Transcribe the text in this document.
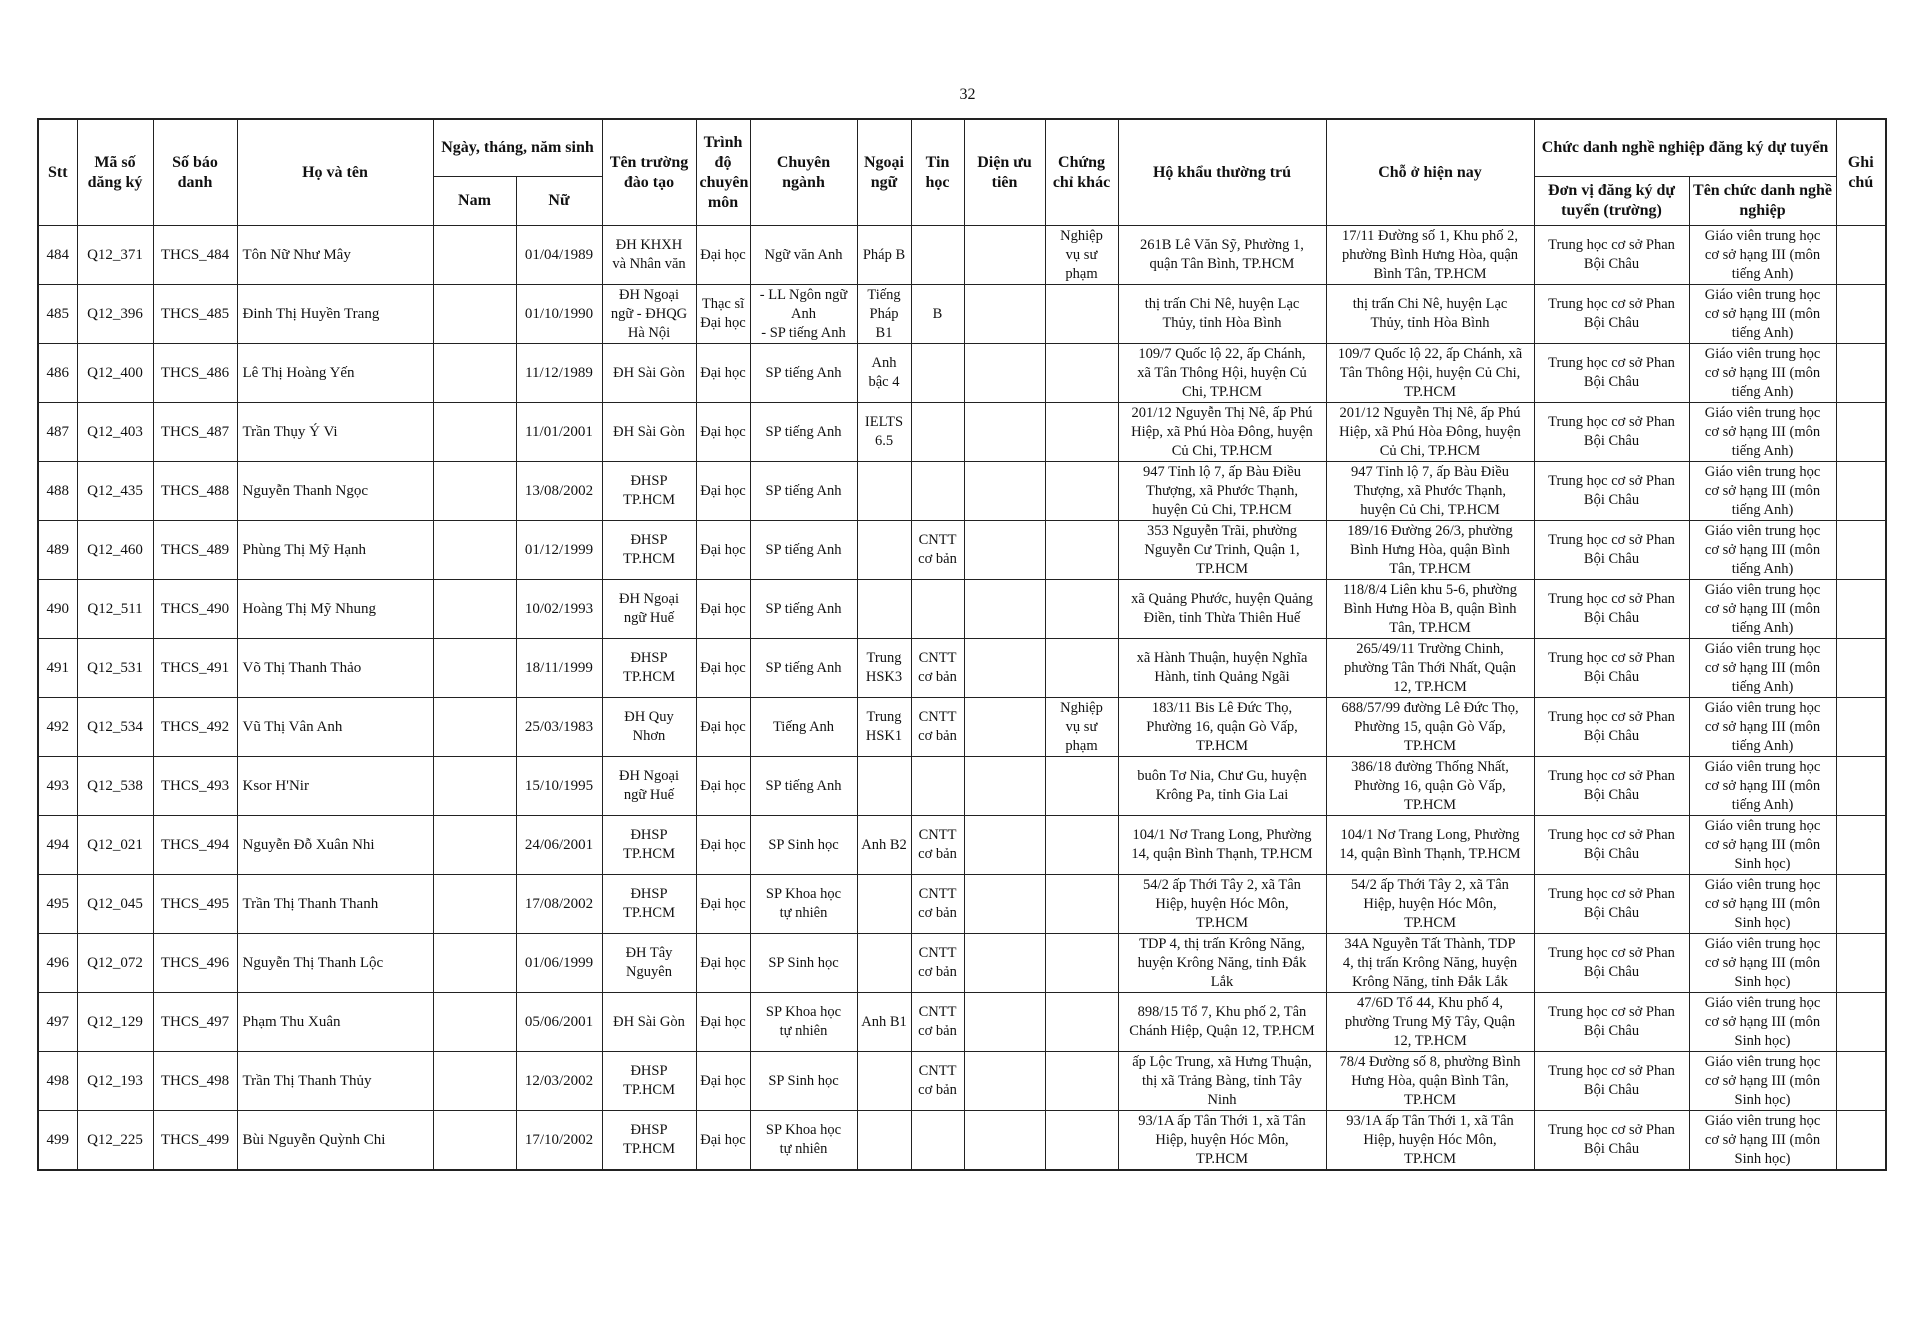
32
Stt	Mã số dăng ký	Số báo danh	Họ và tên	Ngày, tháng, năm sinh		Tên trường đào tạo	Trình độ chuyên môn	Chuyên ngành	Ngoại ngữ	Tin học	Diện ưu tiên	Chứng chỉ khác	Hộ khẩu thường trú	Chỗ ở hiện nay	Chức danh nghề nghiệp đăng ký dự tuyển		Ghi chú
				Nam	Nữ										Đơn vị đăng ký dự tuyển (trường)	Tên chức danh nghề nghiệp	
484	Q12_371	THCS_484	Tôn Nữ Như Mây		01/04/1989	ĐH KHXH
và Nhân văn	Đại học	Ngữ văn Anh	Pháp B			Nghiệp
vụ sư
phạm	261B Lê Văn Sỹ, Phường 1,
quận Tân Bình, TP.HCM	17/11 Đường số 1, Khu phố 2,
phường Bình Hưng Hòa, quận
Bình Tân, TP.HCM	Trung học cơ sở Phan
Bội Châu	Giáo viên trung học
cơ sở hạng III (môn
tiếng Anh)	
485	Q12_396	THCS_485	Đinh Thị Huyền Trang		01/10/1990	ĐH Ngoại
ngữ - ĐHQG
Hà Nội	Thạc sĩ
Đại học	- LL Ngôn ngữ
Anh
- SP tiếng Anh	Tiếng
Pháp
B1	B			thị trấn Chi Nê, huyện Lạc
Thủy, tỉnh Hòa Bình	thị trấn Chi Nê, huyện Lạc
Thủy, tỉnh Hòa Bình	Trung học cơ sở Phan
Bội Châu	Giáo viên trung học
cơ sở hạng III (môn
tiếng Anh)	
486	Q12_400	THCS_486	Lê Thị Hoàng Yến		11/12/1989	ĐH Sài Gòn	Đại học	SP tiếng Anh	Anh
bậc 4				109/7 Quốc lộ 22, ấp Chánh,
xã Tân Thông Hội, huyện Củ
Chi, TP.HCM	109/7 Quốc lộ 22, ấp Chánh, xã
Tân Thông Hội, huyện Củ Chi,
TP.HCM	Trung học cơ sở Phan
Bội Châu	Giáo viên trung học
cơ sở hạng III (môn
tiếng Anh)	
487	Q12_403	THCS_487	Trần Thụy Ý Vi		11/01/2001	ĐH Sài Gòn	Đại học	SP tiếng Anh	IELTS
6.5				201/12 Nguyễn Thị Nê, ấp Phú
Hiệp, xã Phú Hòa Đông, huyện
Củ Chi, TP.HCM	201/12 Nguyễn Thị Nê, ấp Phú
Hiệp, xã Phú Hòa Đông, huyện
Củ Chi, TP.HCM	Trung học cơ sở Phan
Bội Châu	Giáo viên trung học
cơ sở hạng III (môn
tiếng Anh)	
488	Q12_435	THCS_488	Nguyễn Thanh Ngọc		13/08/2002	ĐHSP
TP.HCM	Đại học	SP tiếng Anh					947 Tỉnh lộ 7, ấp Bàu Điều
Thượng, xã Phước Thạnh,
huyện Củ Chi, TP.HCM	947 Tỉnh lộ 7, ấp Bàu Điều
Thượng, xã Phước Thạnh,
huyện Củ Chi, TP.HCM	Trung học cơ sở Phan
Bội Châu	Giáo viên trung học
cơ sở hạng III (môn
tiếng Anh)	
489	Q12_460	THCS_489	Phùng Thị Mỹ Hạnh		01/12/1999	ĐHSP
TP.HCM	Đại học	SP tiếng Anh		CNTT
cơ bản			353 Nguyễn Trãi, phường
Nguyễn Cư Trinh, Quận 1,
TP.HCM	189/16 Đường 26/3, phường
Bình Hưng Hòa, quận Bình
Tân, TP.HCM	Trung học cơ sở Phan
Bội Châu	Giáo viên trung học
cơ sở hạng III (môn
tiếng Anh)	
490	Q12_511	THCS_490	Hoàng Thị Mỹ Nhung		10/02/1993	ĐH Ngoại
ngữ Huế	Đại học	SP tiếng Anh					xã Quảng Phước, huyện Quảng
Điền, tỉnh Thừa Thiên Huế	118/8/4 Liên khu 5-6, phường
Bình Hưng Hòa B, quận Bình
Tân, TP.HCM	Trung học cơ sở Phan
Bội Châu	Giáo viên trung học
cơ sở hạng III (môn
tiếng Anh)	
491	Q12_531	THCS_491	Võ Thị Thanh Thảo		18/11/1999	ĐHSP
TP.HCM	Đại học	SP tiếng Anh	Trung
HSK3	CNTT
cơ bản			xã Hành Thuận, huyện Nghĩa
Hành, tỉnh Quảng Ngãi	265/49/11 Trường Chinh,
phường Tân Thới Nhất, Quận
12, TP.HCM	Trung học cơ sở Phan
Bội Châu	Giáo viên trung học
cơ sở hạng III (môn
tiếng Anh)	
492	Q12_534	THCS_492	Vũ Thị Vân Anh		25/03/1983	ĐH Quy
Nhơn	Đại học	Tiếng Anh	Trung
HSK1	CNTT
cơ bản		Nghiệp
vụ sư
phạm	183/11 Bis Lê Đức Thọ,
Phường 16, quận Gò Vấp,
TP.HCM	688/57/99 đường Lê Đức Thọ,
Phường 15, quận Gò Vấp,
TP.HCM	Trung học cơ sở Phan
Bội Châu	Giáo viên trung học
cơ sở hạng III (môn
tiếng Anh)	
493	Q12_538	THCS_493	Ksor H'Nir		15/10/1995	ĐH Ngoại
ngữ Huế	Đại học	SP tiếng Anh					buôn Tơ Nia, Chư Gu, huyện
Krông Pa, tỉnh Gia Lai	386/18 đường Thống Nhất,
Phường 16, quận Gò Vấp,
TP.HCM	Trung học cơ sở Phan
Bội Châu	Giáo viên trung học
cơ sở hạng III (môn
tiếng Anh)	
494	Q12_021	THCS_494	Nguyễn Đỗ Xuân Nhi		24/06/2001	ĐHSP
TP.HCM	Đại học	SP Sinh học	Anh B2	CNTT
cơ bản			104/1 Nơ Trang Long, Phường
14, quận Bình Thạnh, TP.HCM	104/1 Nơ Trang Long, Phường
14, quận Bình Thạnh, TP.HCM	Trung học cơ sở Phan
Bội Châu	Giáo viên trung học
cơ sở hạng III (môn
Sinh học)	
495	Q12_045	THCS_495	Trần Thị Thanh Thanh		17/08/2002	ĐHSP
TP.HCM	Đại học	SP Khoa học
tự nhiên		CNTT
cơ bản			54/2 ấp Thới Tây 2, xã Tân
Hiệp, huyện Hóc Môn,
TP.HCM	54/2 ấp Thới Tây 2, xã Tân
Hiệp, huyện Hóc Môn,
TP.HCM	Trung học cơ sở Phan
Bội Châu	Giáo viên trung học
cơ sở hạng III (môn
Sinh học)	
496	Q12_072	THCS_496	Nguyễn Thị Thanh Lộc		01/06/1999	ĐH Tây
Nguyên	Đại học	SP Sinh học		CNTT
cơ bản			TDP 4, thị trấn Krông Năng,
huyện Krông Năng, tỉnh Đắk
Lắk	34A Nguyễn Tất Thành, TDP
4, thị trấn Krông Năng, huyện
Krông Năng, tỉnh Đắk Lắk	Trung học cơ sở Phan
Bội Châu	Giáo viên trung học
cơ sở hạng III (môn
Sinh học)	
497	Q12_129	THCS_497	Phạm Thu Xuân		05/06/2001	ĐH Sài Gòn	Đại học	SP Khoa học
tự nhiên	Anh B1	CNTT
cơ bản			898/15 Tổ 7, Khu phố 2, Tân
Chánh Hiệp, Quận 12, TP.HCM	47/6D Tổ 44, Khu phố 4,
phường Trung Mỹ Tây, Quận
12, TP.HCM	Trung học cơ sở Phan
Bội Châu	Giáo viên trung học
cơ sở hạng III (môn
Sinh học)	
498	Q12_193	THCS_498	Trần Thị Thanh Thủy		12/03/2002	ĐHSP
TP.HCM	Đại học	SP Sinh học		CNTT
cơ bản			ấp Lộc Trung, xã Hưng Thuận,
thị xã Trảng Bàng, tỉnh Tây
Ninh	78/4 Đường số 8, phường Bình
Hưng Hòa, quận Bình Tân,
TP.HCM	Trung học cơ sở Phan
Bội Châu	Giáo viên trung học
cơ sở hạng III (môn
Sinh học)	
499	Q12_225	THCS_499	Bùi Nguyễn Quỳnh Chi		17/10/2002	ĐHSP
TP.HCM	Đại học	SP Khoa học
tự nhiên					93/1A ấp Tân Thới 1, xã Tân
Hiệp, huyện Hóc Môn,
TP.HCM	93/1A ấp Tân Thới 1, xã Tân
Hiệp, huyện Hóc Môn,
TP.HCM	Trung học cơ sở Phan
Bội Châu	Giáo viên trung học
cơ sở hạng III (môn
Sinh học)	
